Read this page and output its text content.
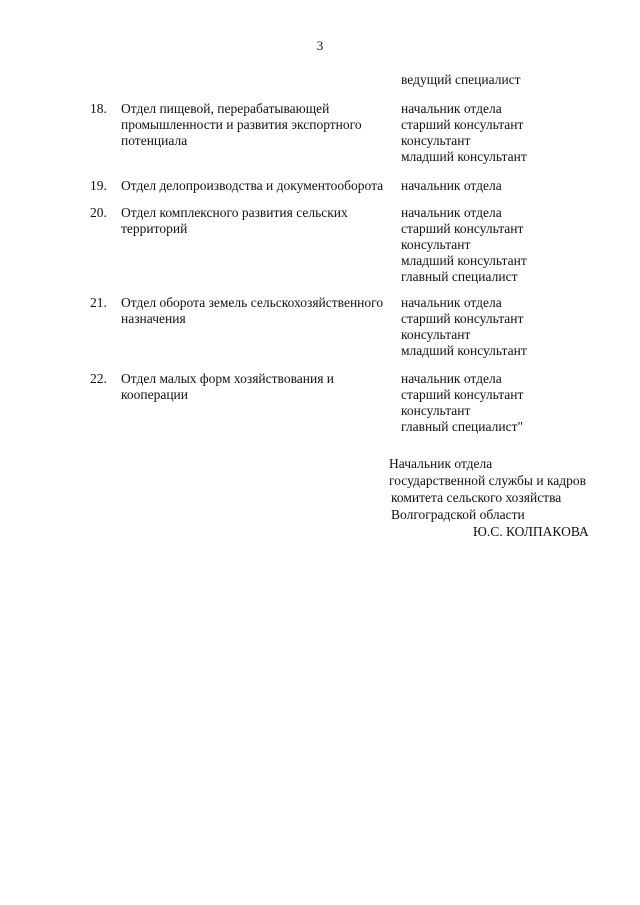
3
ведущий специалист
18. Отдел пищевой, перерабатывающей промышленности и развития экспортного потенциала
начальник отдела
старший консультант
консультант
младший консультант
19. Отдел делопроизводства и документооборота	начальник отдела
20. Отдел комплексного развития сельских территорий
начальник отдела
старший консультант
консультант
младший консультант
главный специалист
21. Отдел оборота земель сельскохозяйственного назначения
начальник отдела
старший консультант
консультант
младший консультант
22. Отдел малых форм хозяйствования и кооперации
начальник отдела
старший консультант
консультант
главный специалист"
Начальник отдела
государственной службы и кадров
комитета сельского хозяйства
Волгоградской области
Ю.С. КОЛПАКОВА
